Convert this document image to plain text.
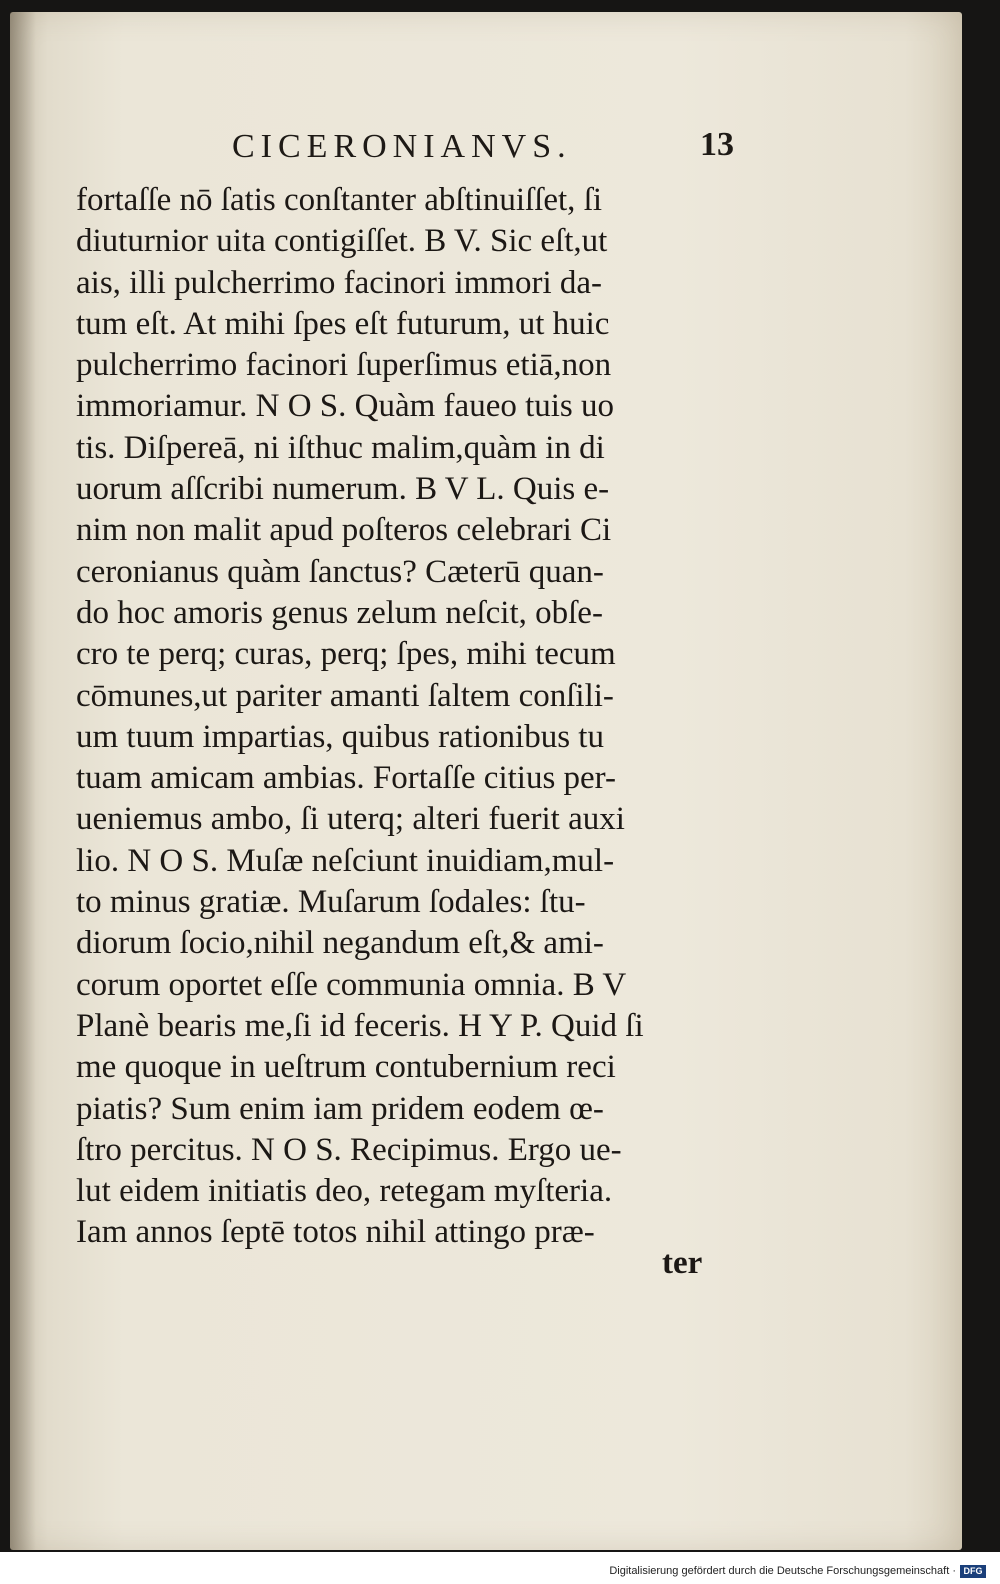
CICERONIANVS.	13
fortaſſe nō ſatis conſtanter abſtinuiſſet, ſi
diuturnior uita contigiſſet. B V. Sic eſt,ut
ais, illi pulcherrimo facinori immori da-
tum eſt. At mihi ſpes eſt futurum, ut huic
pulcherrimo facinori ſuperſimus etiā,non
immoriamur. N O S. Quàm faueo tuis uo
tis. Diſpereā, ni iſthuc malim,quàm in di
uorum aſſcribi numerum. B V L. Quis e-
nim non malit apud poſteros celebrari Ci
ceronianus quàm ſanctus? Cæterū quan-
do hoc amoris genus zelum neſcit, obſe-
cro te perq; curas, perq; ſpes, mihi tecum
cōmunes,ut pariter amanti ſaltem conſili-
um tuum impartias, quibus rationibus tu
tuam amicam ambias. Fortaſſe citius per-
ueniemus ambo, ſi uterq; alteri fuerit auxi
lio. N O S. Muſæ neſciunt inuidiam,mul-
to minus gratiæ. Muſarum ſodales: ſtu-
diorum ſocio,nihil negandum eſt,& ami-
corum oportet eſſe communia omnia. B V
Planè bearis me,ſi id feceris. H Y P. Quid ſi
me quoque in ueſtrum contubernium reci
piatis? Sum enim iam pridem eodem œ-
ſtro percitus. N O S. Recipimus. Ergo ue-
lut eidem initiatis deo, retegam myſteria.
Iam annos ſeptē totos nihil attingo præ-
ter
Digitalisierung gefördert durch die Deutsche Forschungsgemeinschaft · DFG
